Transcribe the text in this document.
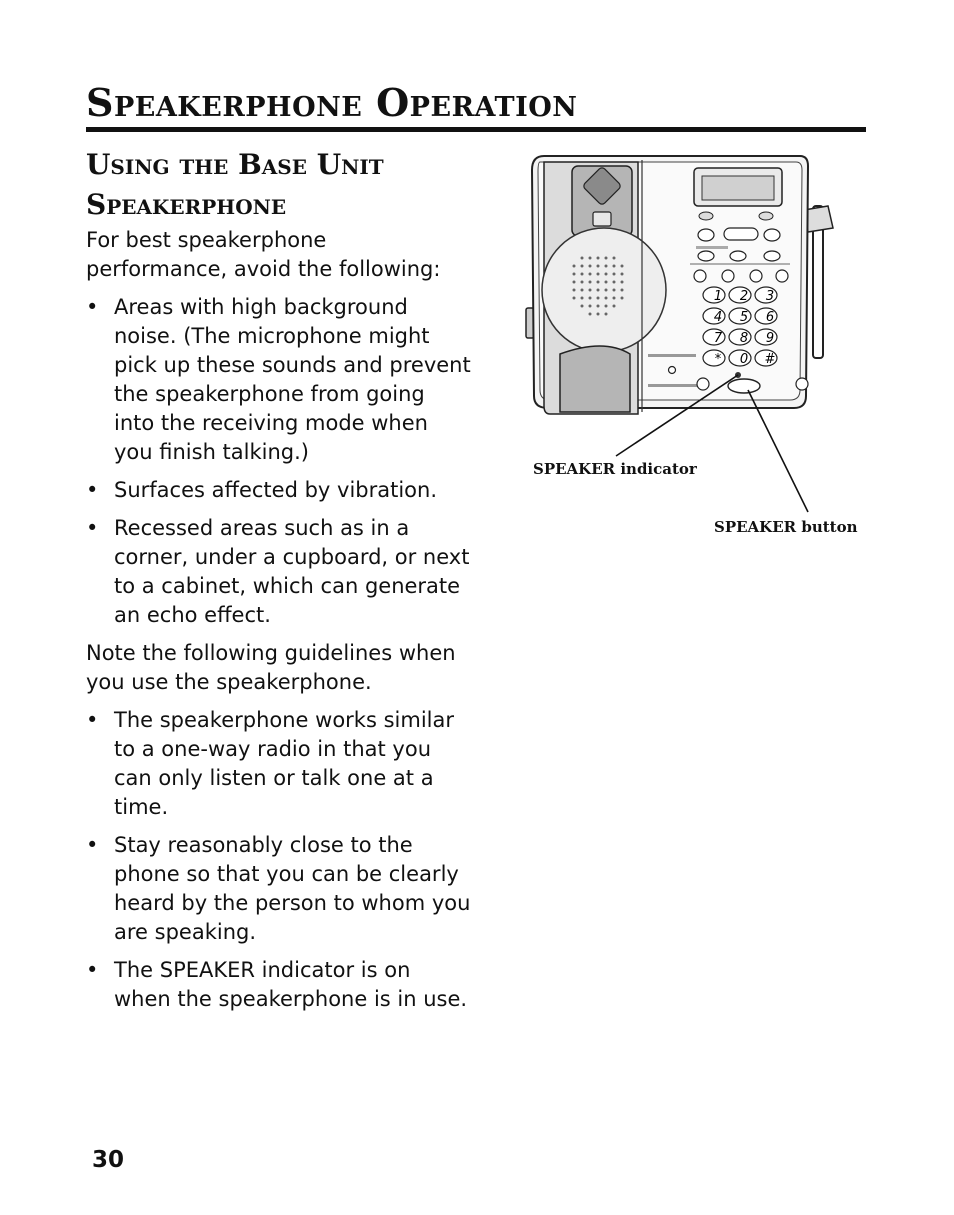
Speakerphone Operation
Using the Base Unit
Speakerphone

For best speakerphone performance, avoid the following:

• Areas with high background noise. (The microphone might pick up these sounds and prevent the speakerphone from going into the receiving mode when you finish talking.)
• Surfaces affected by vibration.
• Recessed areas such as in a corner, under a cupboard, or next to a cabinet, which can generate an echo effect.

Note the following guidelines when you use the speakerphone.

• The speakerphone works similar to a one-way radio in that you can only listen or talk one at a time.
• Stay reasonably close to the phone so that you can be clearly heard by the person to whom you are speaking.
• The SPEAKER indicator is on when the speakerphone is in use.
1 2 3
4 5 6
7 8 9
* 0 #
SPEAKER indicator
SPEAKER button
30
